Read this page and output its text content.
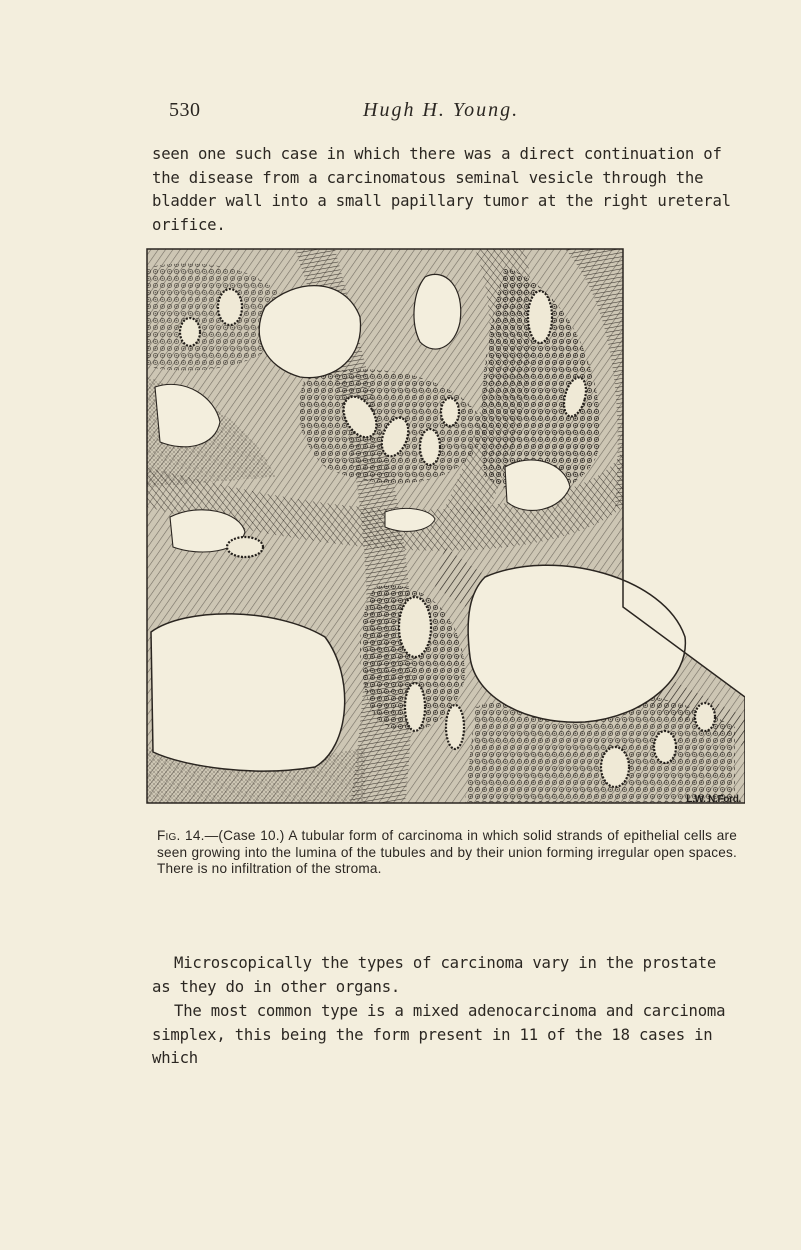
530	Hugh H. Young.

seen one such case in which there was a direct continuation of the disease from a carcinomatous seminal vesicle through the bladder wall into a small papillary tumor at the right ureteral orifice.

L.W. N.Ford.

Fig. 14.—(Case 10.) A tubular form of carcinoma in which solid strands of epithelial cells are seen growing into the lumina of the tubules and by their union forming irregular open spaces. There is no infiltration of the stroma.

Microscopically the types of carcinoma vary in the prostate as they do in other organs.

The most common type is a mixed adenocarcinoma and carcinoma simplex, this being the form present in 11 of the 18 cases in which
